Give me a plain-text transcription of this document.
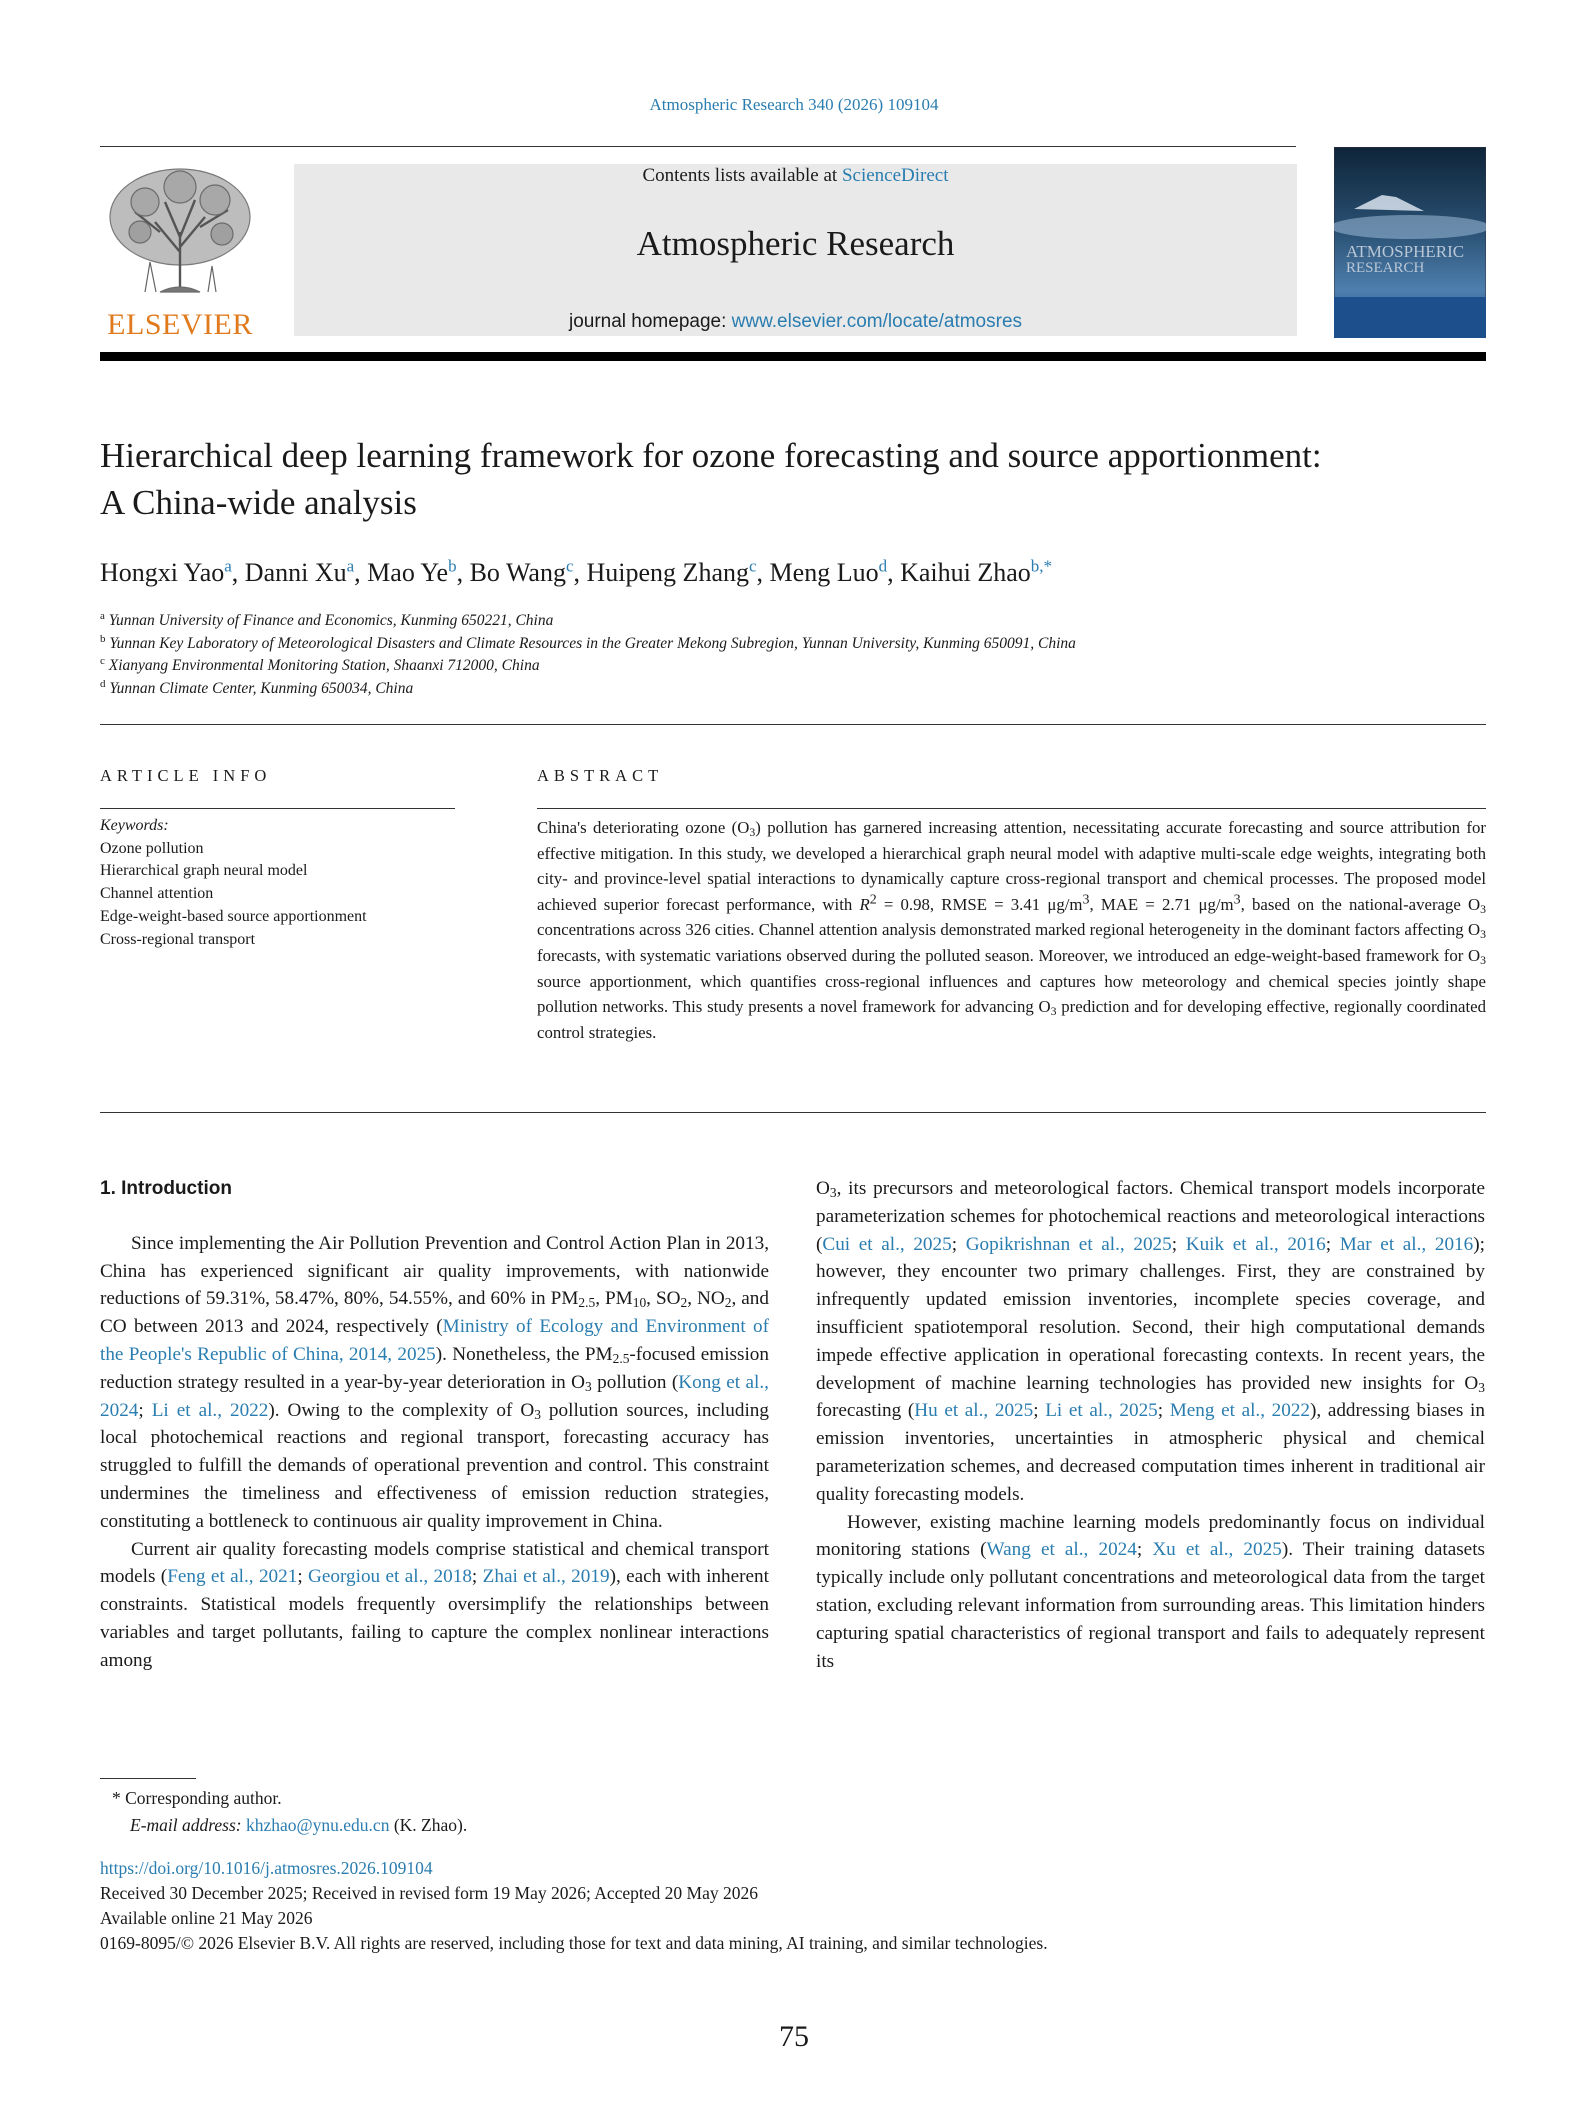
Atmospheric Research 340 (2026) 109104
ELSEVIER
Contents lists available at ScienceDirect
Atmospheric Research
journal homepage: www.elsevier.com/locate/atmosres
ATMOSPHERIC
RESEARCH
Hierarchical deep learning framework for ozone forecasting and source apportionment: A China-wide analysis
Hongxi Yao$^a$, Danni Xu$^a$, Mao Ye$^b$, Bo Wang$^c$, Huipeng Zhang$^c$, Meng Luo$^d$, Kaihui Zhao$^{b,*}$
$^a$ Yunnan University of Finance and Economics, Kunming 650221, China
$^b$ Yunnan Key Laboratory of Meteorological Disasters and Climate Resources in the Greater Mekong Subregion, Yunnan University, Kunming 650091, China
$^c$ Xianyang Environmental Monitoring Station, Shaanxi 712000, China
$^d$ Yunnan Climate Center, Kunming 650034, China
ARTICLE INFO	ABSTRACT
Keywords:
Ozone pollution
Hierarchical graph neural model
Channel attention
Edge-weight-based source apportionment
Cross-regional transport
China's deteriorating ozone $(O_3)$ pollution has garnered increasing attention, necessitating accurate forecasting and source attribution for effective mitigation. In this study, we developed a hierarchical graph neural model with adaptive multi-scale edge weights, integrating both city- and province-level spatial interactions to dynamically capture cross-regional transport and chemical processes. The proposed model achieved superior forecast performance, with $R^2 = 0.98$, RMSE = 3.41 $\mu g/m^3$, MAE = 2.71 $\mu g/m^3$, based on the national-average $O_3$ concentrations across 326 cities. Channel attention analysis demonstrated marked regional heterogeneity in the dominant factors affecting $O_3$ forecasts, with systematic variations observed during the polluted season. Moreover, we introduced an edge-weight-based framework for $O_3$ source apportionment, which quantifies cross-regional influences and captures how meteorology and chemical species jointly shape pollution networks. This study presents a novel framework for advancing $O_3$ prediction and for developing effective, regionally coordinated control strategies.

1. Introduction

Since implementing the Air Pollution Prevention and Control Action Plan in 2013, China has experienced significant air quality improvements, with nationwide reductions of 59.31%, 58.47%, 80%, 54.55%, and 60% in $PM_{2.5}$, $PM_{10}$, $SO_2$, $NO_2$, and CO between 2013 and 2024, respectively (Ministry of Ecology and Environment of the People's Republic of China, 2014, 2025). Nonetheless, the $PM_{2.5}$-focused emission reduction strategy resulted in a year-by-year deterioration in $O_3$ pollution (Kong et al., 2024; Li et al., 2022). Owing to the complexity of $O_3$ pollution sources, including local photochemical reactions and regional transport, forecasting accuracy has struggled to fulfill the demands of operational prevention and control. This constraint undermines the timeliness and effectiveness of emission reduction strategies, constituting a bottleneck to continuous air quality improvement in China.

Current air quality forecasting models comprise statistical and chemical transport models (Feng et al., 2021; Georgiou et al., 2018; Zhai et al., 2019), each with inherent constraints. Statistical models frequently oversimplify the relationships between variables and target pollutants, failing to capture the complex nonlinear interactions among

$O_3$, its precursors and meteorological factors. Chemical transport models incorporate parameterization schemes for photochemical reactions and meteorological interactions (Cui et al., 2025; Gopikrishnan et al., 2025; Kuik et al., 2016; Mar et al., 2016); however, they encounter two primary challenges. First, they are constrained by infrequently updated emission inventories, incomplete species coverage, and insufficient spatiotemporal resolution. Second, their high computational demands impede effective application in operational forecasting contexts. In recent years, the development of machine learning technologies has provided new insights for $O_3$ forecasting (Hu et al., 2025; Li et al., 2025; Meng et al., 2022), addressing biases in emission inventories, uncertainties in atmospheric physical and chemical parameterization schemes, and decreased computation times inherent in traditional air quality forecasting models.

However, existing machine learning models predominantly focus on individual monitoring stations (Wang et al., 2024; Xu et al., 2025). Their training datasets typically include only pollutant concentrations and meteorological data from the target station, excluding relevant information from surrounding areas. This limitation hinders capturing spatial characteristics of regional transport and fails to adequately represent its

* Corresponding author.
E-mail address: khzhao@ynu.edu.cn (K. Zhao).
https://doi.org/10.1016/j.atmosres.2026.109104
Received 30 December 2025; Received in revised form 19 May 2026; Accepted 20 May 2026
Available online 21 May 2026
0169-8095/© 2026 Elsevier B.V. All rights are reserved, including those for text and data mining, AI training, and similar technologies.
75
